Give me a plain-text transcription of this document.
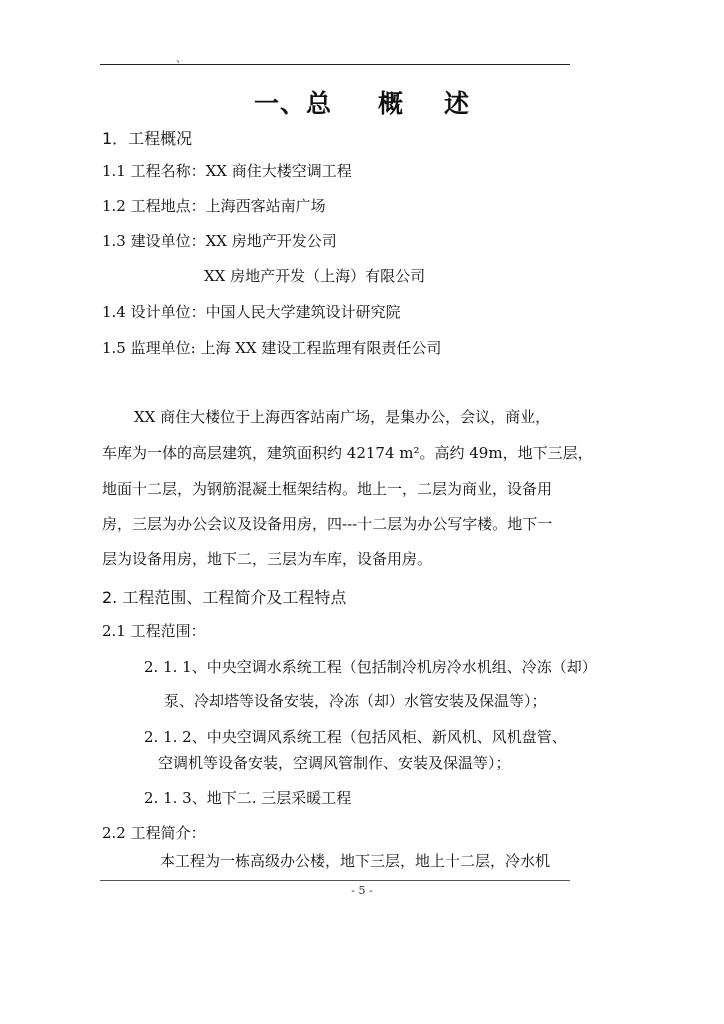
、
一、总 概 述
1．工程概况
1.1 工程名称：XX 商住大楼空调工程
1.2 工程地点：上海西客站南广场
1.3 建设单位：XX 房地产开发公司
XX 房地产开发（上海）有限公司
1.4 设计单位：中国人民大学建筑设计研究院
1.5 监理单位: 上海 XX 建设工程监理有限责任公司
XX 商住大楼位于上海西客站南广场，是集办公，会议，商业，
车库为一体的高层建筑，建筑面积约 42174 m²。高约 49m，地下三层，
地面十二层，为钢筋混凝土框架结构。地上一，二层为商业，设备用
房，三层为办公会议及设备用房，四---十二层为办公写字楼。地下一
层为设备用房，地下二，三层为车库，设备用房。
2. 工程范围、工程简介及工程特点
2.1 工程范围：
2. 1. 1、中央空调水系统工程（包括制冷机房冷水机组、冷冻（却）
泵、冷却塔等设备安装，冷冻（却）水管安装及保温等）；
2. 1. 2、中央空调风系统工程（包括风柜、新风机、风机盘管、
空调机等设备安装，空调风管制作、安装及保温等）；
2. 1. 3、地下二. 三层采暖工程
2.2 工程简介：
本工程为一栋高级办公楼，地下三层，地上十二层，冷水机
- 5 -
